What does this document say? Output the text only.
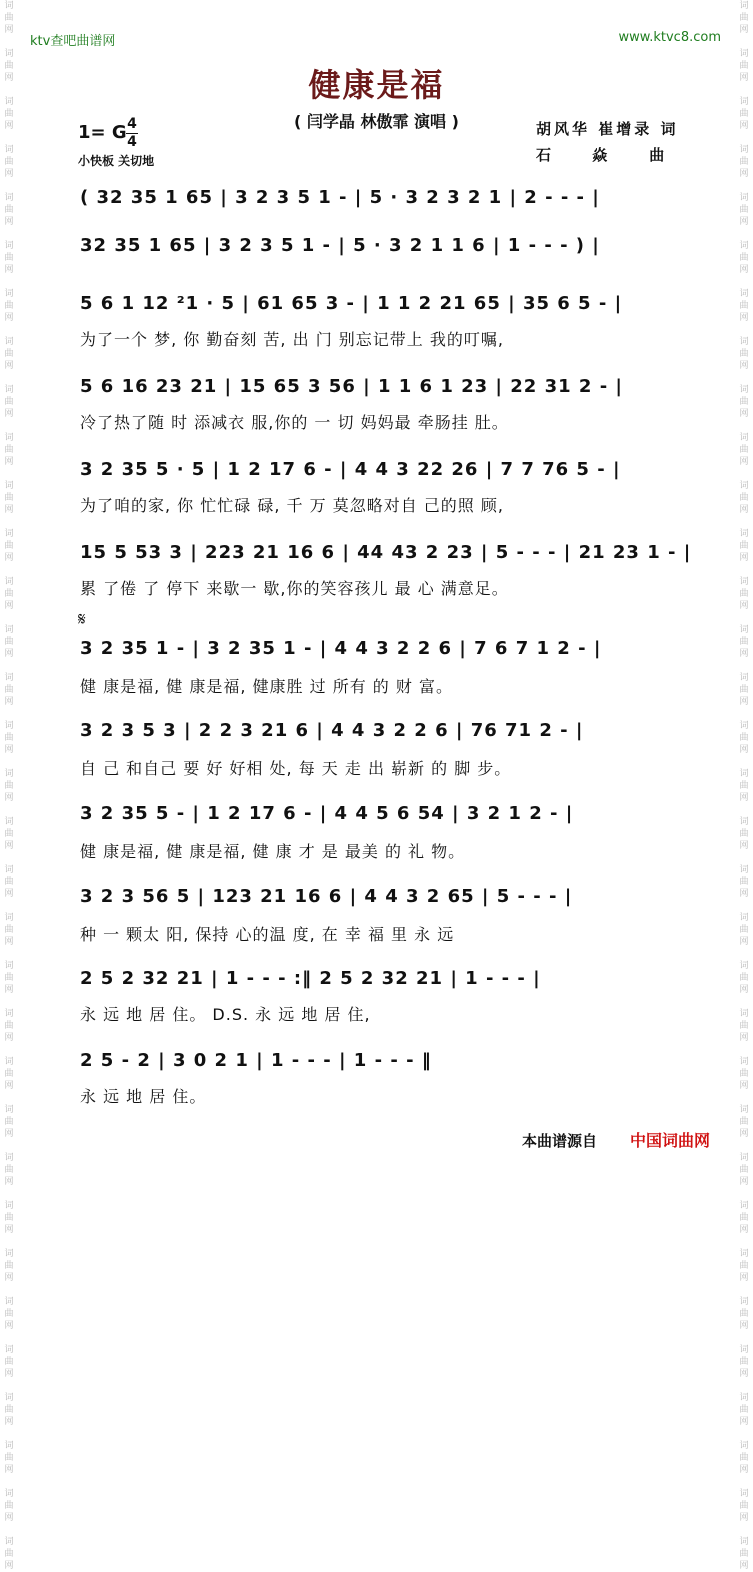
词
曲
网

词
曲
网

词
曲
网

词
曲
网

词
曲
网

词
曲
网

词
曲
网

词
曲
网

词
曲
网

词
曲
网

词
曲
网

词
曲
网

词
曲
网

词
曲
网

词
曲
网

词
曲
网

词
曲
网

词
曲
网

词
曲
网

词
曲
网

词
曲
网

词
曲
网

词
曲
网

词
曲
网

词
曲
网

词
曲
网

词
曲
网

词
曲
网

词
曲
网

词
曲
网

词
曲
网

词
曲
网

词
曲
网

词
曲
网

词
曲
网

词
曲
网

词
曲
网

词
曲
网

词
曲
网

词
曲
网

词
曲
网

词
曲
网

词
曲
网

词
曲
网

词
曲
网

词
曲
网

词
曲
网

词
曲
网

词
曲
网

词
曲
网

词
曲
网

词
曲
网

词
曲
网

词
曲
网

词
曲
网

词
曲
网

词
曲
网

词
曲
网

词
曲
网

词
曲
网

词
曲
网

词
曲
网

词
曲
网

词
曲
网

词
曲
网

词
曲
网

ktv查吧曲谱网	www.ktvc8.com
健康是福
( 闫学晶 林傲霏 演唱 )
1= G 4
4
小快板 关切地
胡风华 崔增录 词
石 焱 曲
𝄋
( 32 35 1 65 | 3 2 3 5 1 - | 5 · 3 2 3 2 1 | 2 - - - |
32 35 1 65 | 3 2 3 5 1 - | 5 · 3 2 1 1 6 | 1 - - - ) |
5 6 1 12 ²1 · 5 | 61 65 3 - | 1 1 2 21 65 | 35 6 5 - |
为了一个 梦, 你 勤奋刻 苦, 出 门 别忘记带上 我的叮嘱,
5 6 16 23 21 | 15 65 3 56 | 1 1 6 1 23 | 22 31 2 - |
冷了热了随 时 添减衣 服,你的 一 切 妈妈最 牵肠挂 肚。
3 2 35 5 · 5 | 1 2 17 6 - | 4 4 3 22 26 | 7 7 76 5 - |
为了咱的家, 你 忙忙碌 碌, 千 万 莫忽略对自 己的照 顾,
15 5 53 3 | 223 21 16 6 | 44 43 2 23 | 5 - - - | 21 23 1 - |
累 了倦 了 停下 来歇一 歇,你的笑容孩儿 最 心 满意足。
3 2 35 1 - | 3 2 35 1 - | 4 4 3 2 2 6 | 7 6 7 1 2 - |
健 康是福, 健 康是福, 健康胜 过 所有 的 财 富。
3 2 3 5 3 | 2 2 3 21 6 | 4 4 3 2 2 6 | 76 71 2 - |
自 己 和自己 要 好 好相 处, 每 天 走 出 崭新 的 脚 步。
3 2 35 5 - | 1 2 17 6 - | 4 4 5 6 54 | 3 2 1 2 - |
健 康是福, 健 康是福, 健 康 才 是 最美 的 礼 物。
3 2 3 56 5 | 123 21 16 6 | 4 4 3 2 65 | 5 - - - |
种 一 颗太 阳, 保持 心的温 度, 在 幸 福 里 永 远
2 5 2 32 21 | 1 - - - :‖ 2 5 2 32 21 | 1 - - - |
永 远 地 居 住。 D.S. 永 远 地 居 住,
2 5 - 2 | 3 0 2 1 | 1 - - - | 1 - - - ‖
永 远 地 居 住。
本曲谱源自 中国词曲网
